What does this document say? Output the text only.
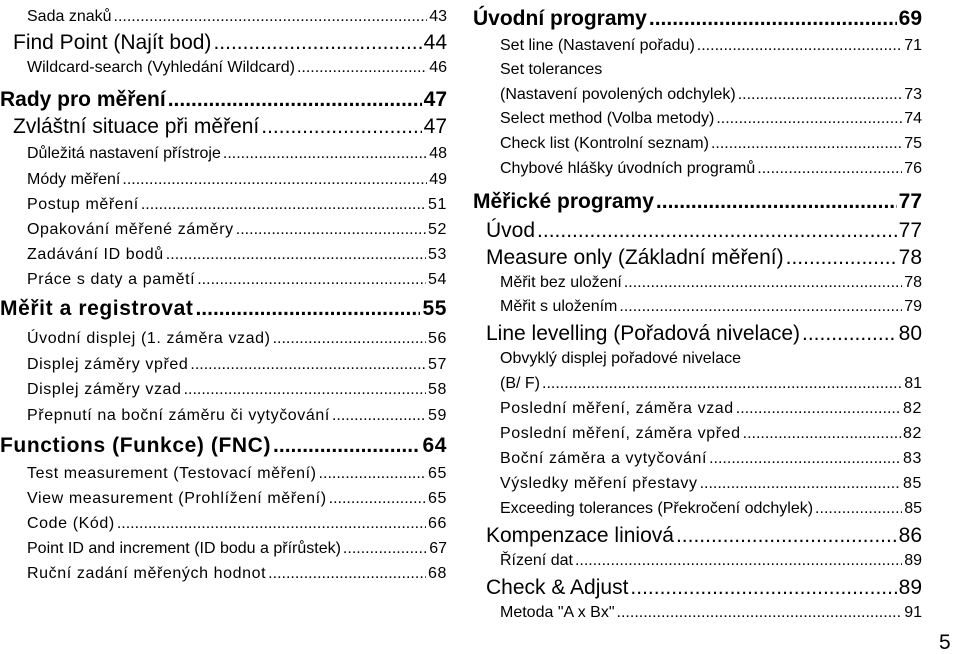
Sada znaků .....	43
Find Point (Najít bod) .....	44
Wildcard-search (Vyhledání Wildcard) .....	46
Rady pro měření .....	47
Zvláštní situace při měření .....	47
Důležitá nastavení přístroje .....	48
Módy měření .....	49
Postup měření .....	51
Opakování měřené záměry .....	52
Zadávání ID bodů .....	53
Práce s daty a pamětí .....	54
Měřit a registrovat .....	55
Úvodní displej (1. záměra vzad) .....	56
Displej záměry vpřed .....	57
Displej záměry vzad .....	58
Přepnutí na boční záměru či vytyčování .....	59
Functions (Funkce) (FNC) .....	64
Test measurement (Testovací měření) .....	65
View measurement (Prohlížení měření) .....	65
Code (Kód) .....	66
Point ID and increment (ID bodu a přírůstek) .....	67
Ruční zadání měřených hodnot .....	68
Úvodní programy .....	69
Set line (Nastavení pořadu) .....	71
Set tolerances
(Nastavení povolených odchylek) .....	73
Select method (Volba metody) .....	74
Check list (Kontrolní seznam) .....	75
Chybové hlášky úvodních programů .....	76
Měřické programy .....	77
Úvod .....	77
Measure only (Základní měření) .....	78
Měřit bez uložení .....	78
Měřit s uložením .....	79
Line levelling (Pořadová nivelace) .....	80
Obvyklý displej pořadové nivelace
(B/ F) .....	81
Poslední měření, záměra vzad .....	82
Poslední měření, záměra vpřed .....	82
Boční záměra a vytyčování .....	83
Výsledky měření přestavy .....	85
Exceeding tolerances (Překročení odchylek) .....	85
Kompenzace liniová .....	86
Řízení dat .....	89
Check & Adjust .....	89
Metoda "A x Bx" .....	91
5
